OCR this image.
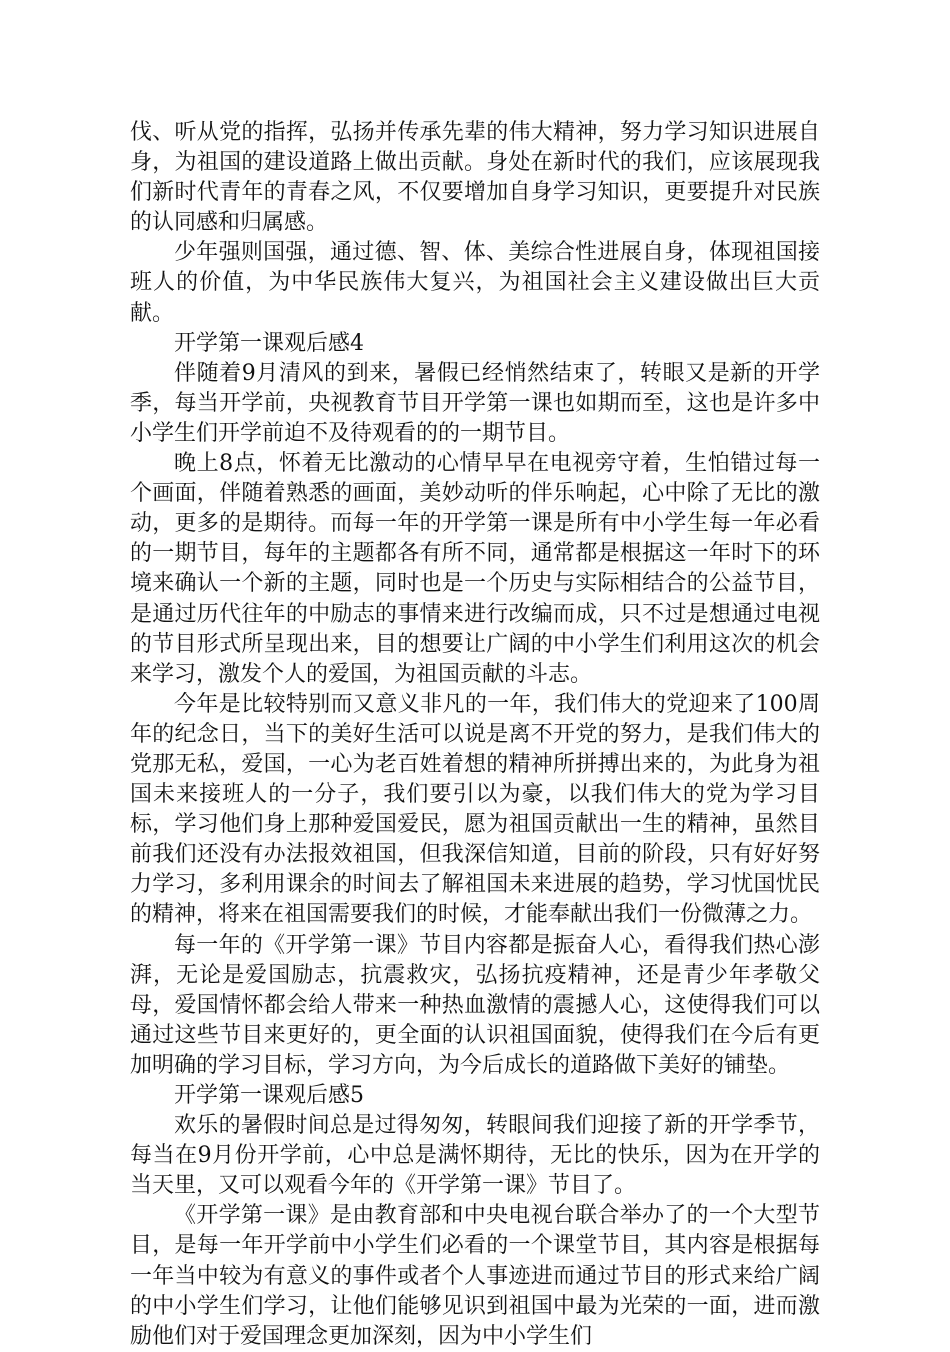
伐、听从党的指挥，弘扬并传承先辈的伟大精神，努力学习知识进展自身，为祖国的建设道路上做出贡献。身处在新时代的我们，应该展现我们新时代青年的青春之风，不仅要增加自身学习知识，更要提升对民族的认同感和归属感。

少年强则国强，通过德、智、体、美综合性进展自身，体现祖国接班人的价值，为中华民族伟大复兴，为祖国社会主义建设做出巨大贡献。

开学第一课观后感4

伴随着9月清风的到来，暑假已经悄然结束了，转眼又是新的开学季，每当开学前，央视教育节目开学第一课也如期而至，这也是许多中小学生们开学前迫不及待观看的的一期节目。

晚上8点，怀着无比激动的心情早早在电视旁守着，生怕错过每一个画面，伴随着熟悉的画面，美妙动听的伴乐响起，心中除了无比的激动，更多的是期待。而每一年的开学第一课是所有中小学生每一年必看的一期节目，每年的主题都各有所不同，通常都是根据这一年时下的环境来确认一个新的主题，同时也是一个历史与实际相结合的公益节目，是通过历代往年的中励志的事情来进行改编而成，只不过是想通过电视的节目形式所呈现出来，目的想要让广阔的中小学生们利用这次的机会来学习，激发个人的爱国，为祖国贡献的斗志。

今年是比较特别而又意义非凡的一年，我们伟大的党迎来了100周年的纪念日，当下的美好生活可以说是离不开党的努力，是我们伟大的党那无私，爱国，一心为老百姓着想的精神所拼搏出来的，为此身为祖国未来接班人的一分子，我们要引以为豪，以我们伟大的党为学习目标，学习他们身上那种爱国爱民，愿为祖国贡献出一生的精神，虽然目前我们还没有办法报效祖国，但我深信知道，目前的阶段，只有好好努力学习，多利用课余的时间去了解祖国未来进展的趋势，学习忧国忧民的精神，将来在祖国需要我们的时候，才能奉献出我们一份微薄之力。

每一年的《开学第一课》节目内容都是振奋人心，看得我们热心澎湃，无论是爱国励志，抗震救灾，弘扬抗疫精神，还是青少年孝敬父母，爱国情怀都会给人带来一种热血激情的震撼人心，这使得我们可以通过这些节目来更好的，更全面的认识祖国面貌，使得我们在今后有更加明确的学习目标，学习方向，为今后成长的道路做下美好的铺垫。

开学第一课观后感5

欢乐的暑假时间总是过得匆匆，转眼间我们迎接了新的开学季节，每当在9月份开学前，心中总是满怀期待，无比的快乐，因为在开学的当天里，又可以观看今年的《开学第一课》节目了。

《开学第一课》是由教育部和中央电视台联合举办了的一个大型节目，是每一年开学前中小学生们必看的一个课堂节目，其内容是根据每一年当中较为有意义的事件或者个人事迹进而通过节目的形式来给广阔的中小学生们学习，让他们能够见识到祖国中最为光荣的一面，进而激励他们对于爱国理念更加深刻，因为中小学生们
